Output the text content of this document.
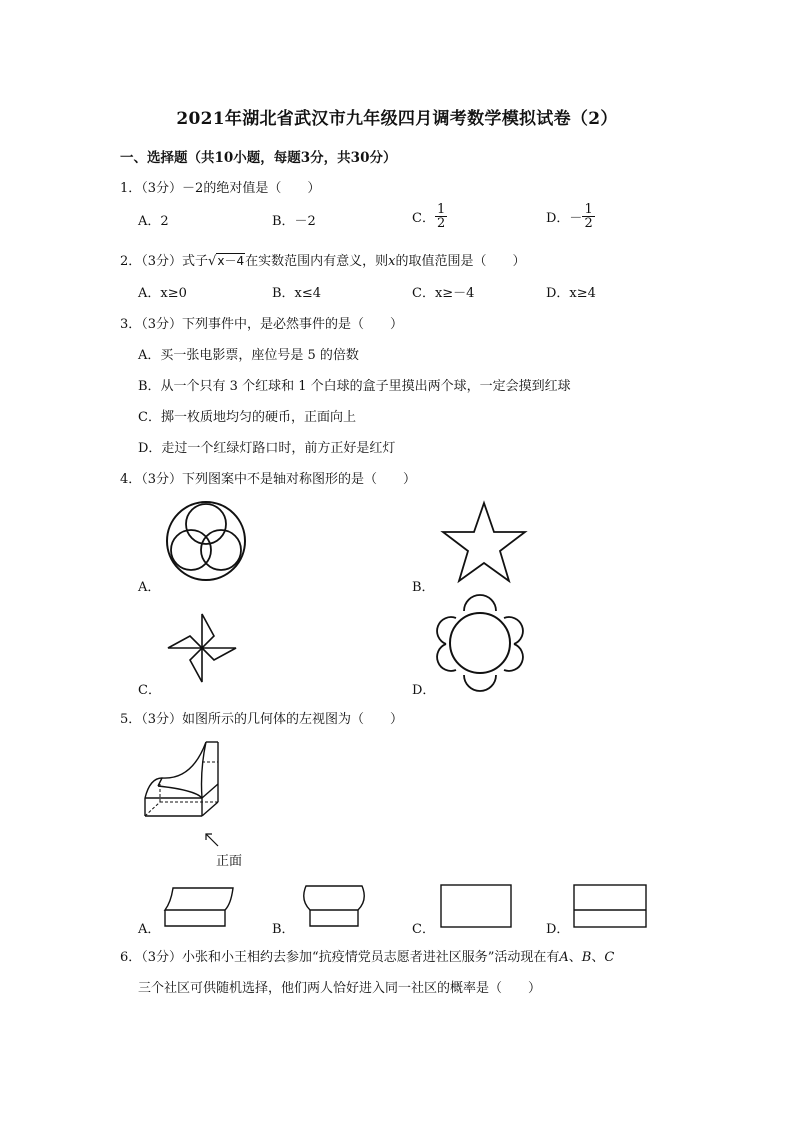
2021年湖北省武汉市九年级四月调考数学模拟试卷（2）
一、选择题（共10小题，每题3分，共30分）
1．（3分）－2的绝对值是（　　）
A．2	B．－2	C． $\frac{1}{2}$	D．－ $\frac{1}{2}$
2．（3分）式子√x－4在实数范围内有意义，则x的取值范围是（　　）
A．x≥0	B．x≤4	C．x≥－4	D．x≥4
3．（3分）下列事件中，是必然事件的是（　　）
A．买一张电影票，座位号是 5 的倍数
B．从一个只有 3 个红球和 1 个白球的盒子里摸出两个球，一定会摸到红球
C．掷一枚质地均匀的硬币，正面向上
D．走过一个红绿灯路口时，前方正好是红灯
4．（3分）下列图案中不是轴对称图形的是（　　）
A．	B．
C．	D．
5．（3分）如图所示的几何体的左视图为（　　）
正面
A．	B．	C．	D．
6．（3分）小张和小王相约去参加“抗疫情党员志愿者进社区服务”活动现在有A、B、C
三个社区可供随机选择，他们两人恰好进入同一社区的概率是（　　）
